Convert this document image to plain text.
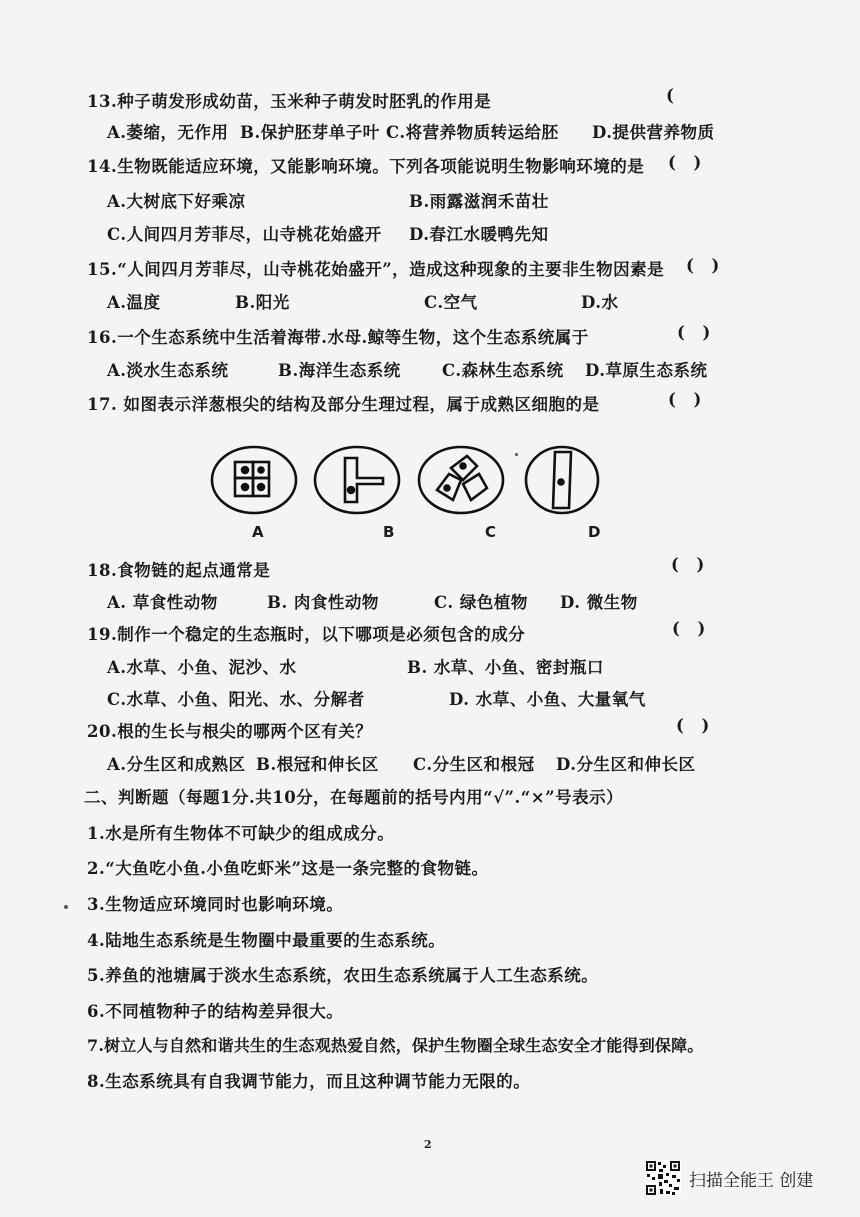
13.种子萌发形成幼苗，玉米种子萌发时胚乳的作用是	(
A.萎缩，无作用 B.保护胚芽单子叶 C.将营养物质转运给胚 D.提供营养物质
14.生物既能适应环境，又能影响环境。下列各项能说明生物影响环境的是 ( )
A.大树底下好乘凉	B.雨露滋润禾苗壮
C.人间四月芳菲尽，山寺桃花始盛开 D.春江水暖鸭先知
15.“人间四月芳菲尽，山寺桃花始盛开”，造成这种现象的主要非生物因素是 ( )
A.温度	B.阳光	C.空气	D.水
16.一个生态系统中生活着海带.水母.鲸等生物，这个生态系统属于	( )
A.淡水生态系统	B.海洋生态系统	C.森林生态系统 D.草原生态系统
17. 如图表示洋葱根尖的结构及部分生理过程，属于成熟区细胞的是	( )
A	B	C	D
18.食物链的起点通常是	( )
A. 草食性动物	B. 肉食性动物	C. 绿色植物 D. 微生物
19.制作一个稳定的生态瓶时，以下哪项是必须包含的成分	( )
A.水草、小鱼、泥沙、水	B. 水草、小鱼、密封瓶口
C.水草、小鱼、阳光、水、分解者	D. 水草、小鱼、大量氧气
20.根的生长与根尖的哪两个区有关？	( )
A.分生区和成熟区 B.根冠和伸长区 C.分生区和根冠 D.分生区和伸长区
二、判断题（每题1分.共10分，在每题前的括号内用“√”.“×”号表示）
1.水是所有生物体不可缺少的组成成分。
2.“大鱼吃小鱼.小鱼吃虾米”这是一条完整的食物链。
3.生物适应环境同时也影响环境。
4.陆地生态系统是生物圈中最重要的生态系统。
5.养鱼的池塘属于淡水生态系统，农田生态系统属于人工生态系统。
6.不同植物种子的结构差异很大。
7.树立人与自然和谐共生的生态观热爱自然，保护生物圈全球生态安全才能得到保障。
8.生态系统具有自我调节能力，而且这种调节能力无限的。
2
扫描全能王 创建
